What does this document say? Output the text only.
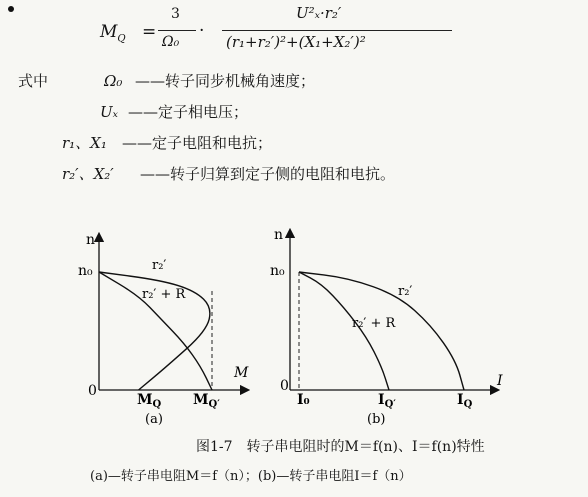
$M_Q$ =
3
Ω₀
·
U²ₓ·r₂′
(r₁+r₂′)²+(X₁+X₂′)²
式中	Ω₀ ——转子同步机械角速度；
Uₓ ——定子相电压；
r₁、X₁ ——定子电阻和电抗；
r₂′、X₂′ ——转子归算到定子侧的电阻和电抗。
n
n₀
0
M
$M_Q$ $M_{Q'}$
r₂′
r₂′ + R
(a)
n
n₀
0	I
I₀	$I_{Q'}$	$I_Q$
r₂′
r₂′ + R
(b)
图1-7　转子串电阻时的M＝f(n)、I＝f(n)特性
(a)—转子串电阻M＝f（n）；(b)—转子串电阻I＝f（n）
